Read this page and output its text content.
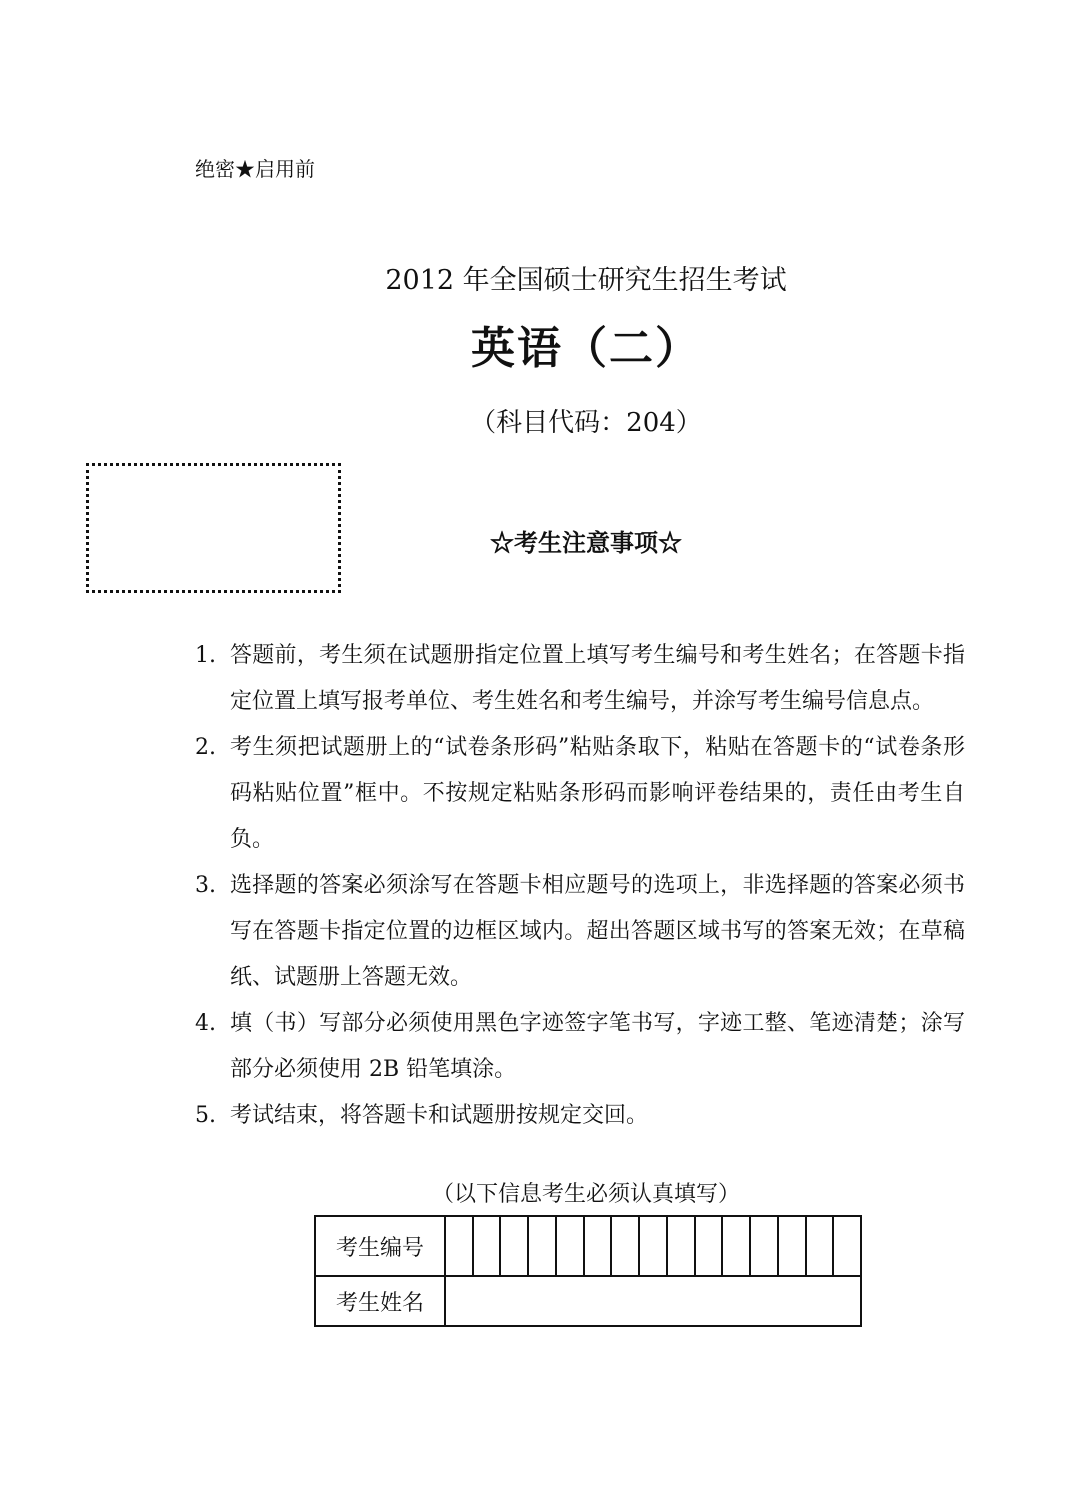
绝密★启用前
2012 年全国硕士研究生招生考试
英语（二）
（科目代码：204）
☆考生注意事项☆
1. 答题前，考生须在试题册指定位置上填写考生编号和考生姓名；在答题卡指定位置上填写报考单位、考生姓名和考生编号，并涂写考生编号信息点。
2. 考生须把试题册上的“试卷条形码”粘贴条取下，粘贴在答题卡的“试卷条形码粘贴位置”框中。不按规定粘贴条形码而影响评卷结果的，责任由考生自负。
3. 选择题的答案必须涂写在答题卡相应题号的选项上，非选择题的答案必须书写在答题卡指定位置的边框区域内。超出答题区域书写的答案无效；在草稿纸、试题册上答题无效。
4. 填（书）写部分必须使用黑色字迹签字笔书写，字迹工整、笔迹清楚；涂写部分必须使用 2B 铅笔填涂。
5. 考试结束，将答题卡和试题册按规定交回。
（以下信息考生必须认真填写）
考生编号	

考生姓名	
